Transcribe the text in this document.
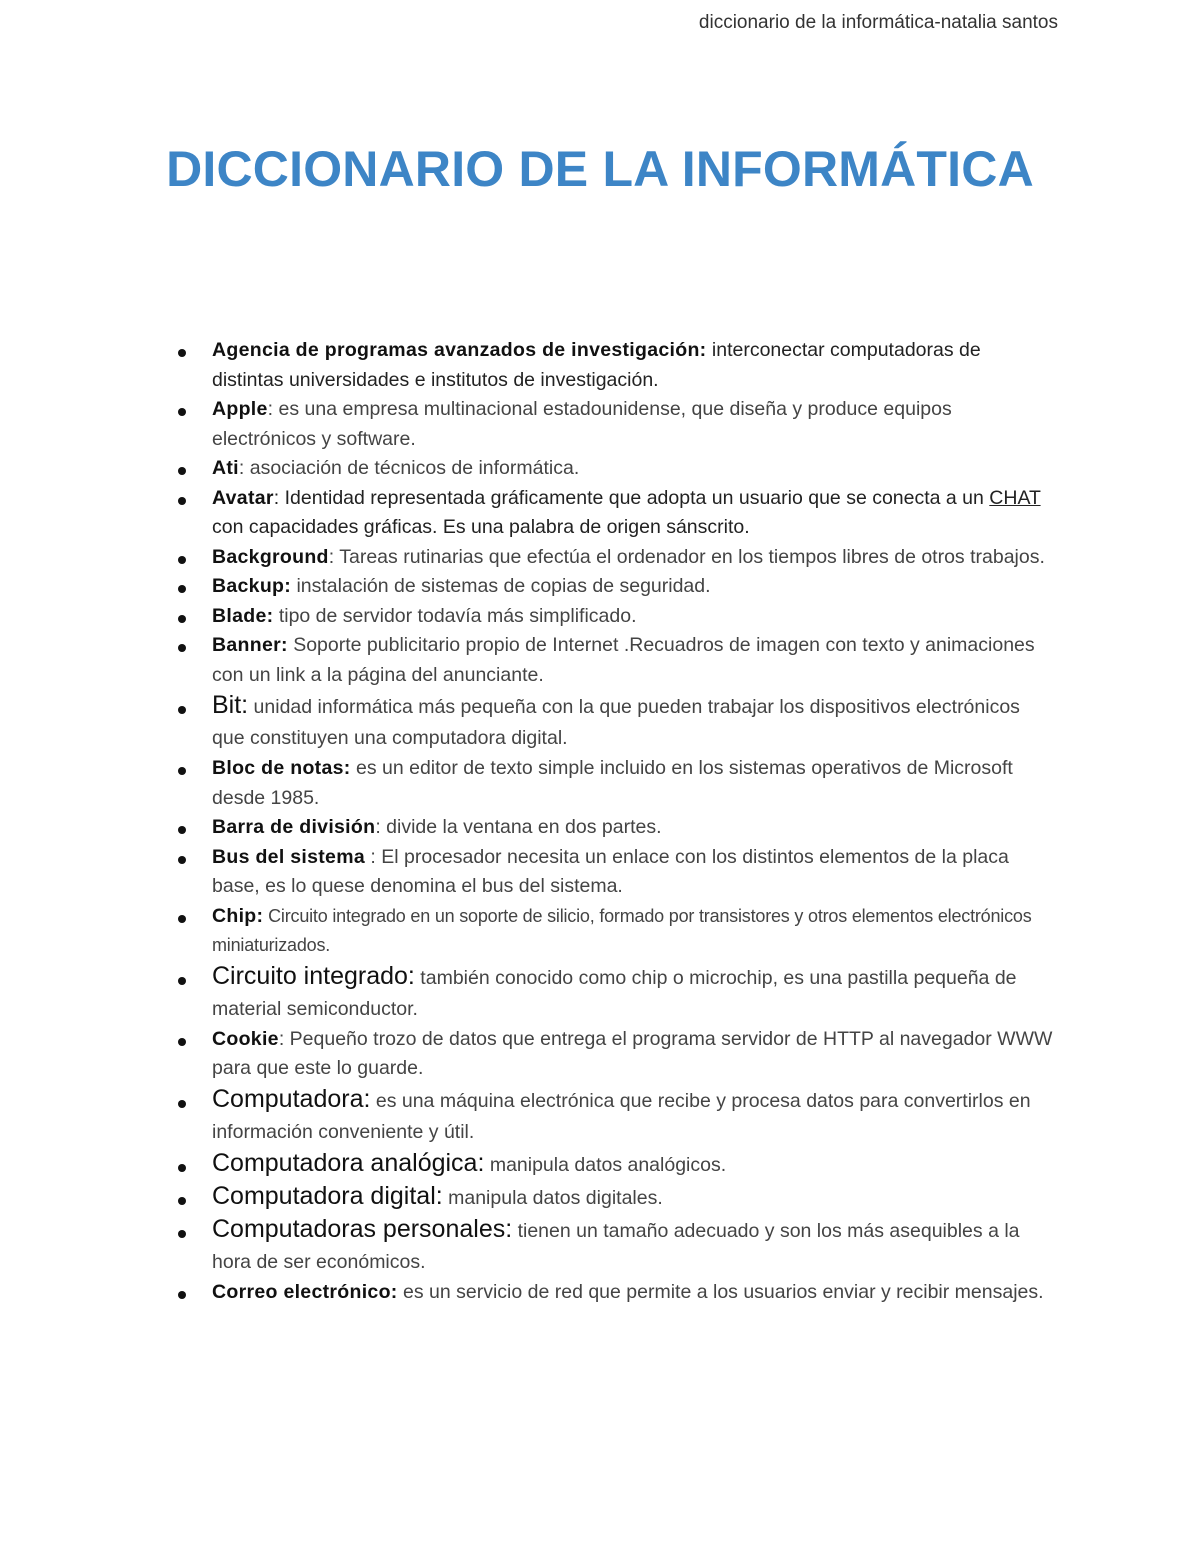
diccionario de la informática-natalia santos
DICCIONARIO DE LA INFORMÁTICA
Agencia de programas avanzados de investigación: interconectar computadoras de distintas universidades e institutos de investigación.
Apple: es una empresa multinacional estadounidense, que diseña y produce equipos electrónicos y software.
Ati: asociación de técnicos de informática.
Avatar: Identidad representada gráficamente que adopta un usuario que se conecta a un CHAT con capacidades gráficas. Es una palabra de origen sánscrito.
Background: Tareas rutinarias que efectúa el ordenador en los tiempos libres de otros trabajos.
Backup: instalación de sistemas de copias de seguridad.
Blade: tipo de servidor todavía más simplificado.
Banner: Soporte publicitario propio de Internet .Recuadros de imagen con texto y animaciones con un link a la página del anunciante.
Bit: unidad informática más pequeña con la que pueden trabajar los dispositivos electrónicos que constituyen una computadora digital.
Bloc de notas: es un editor de texto simple incluido en los sistemas operativos de Microsoft desde 1985.
Barra de división: divide la ventana en dos partes.
Bus del sistema : El procesador necesita un enlace con los distintos elementos de la placa base, es lo quese denomina el bus del sistema.
Chip: Circuito integrado en un soporte de silicio, formado por transistores y otros elementos electrónicos miniaturizados.
Circuito integrado: también conocido como chip o microchip, es una pastilla pequeña de material semiconductor.
Cookie: Pequeño trozo de datos que entrega el programa servidor de HTTP al navegador WWW para que este lo guarde.
Computadora: es una máquina electrónica que recibe y procesa datos para convertirlos en información conveniente y útil.
Computadora analógica: manipula datos analógicos.
Computadora digital: manipula datos digitales.
Computadoras personales: tienen un tamaño adecuado y son los más asequibles a la hora de ser económicos.
Correo electrónico: es un servicio de red que permite a los usuarios enviar y recibir mensajes.
